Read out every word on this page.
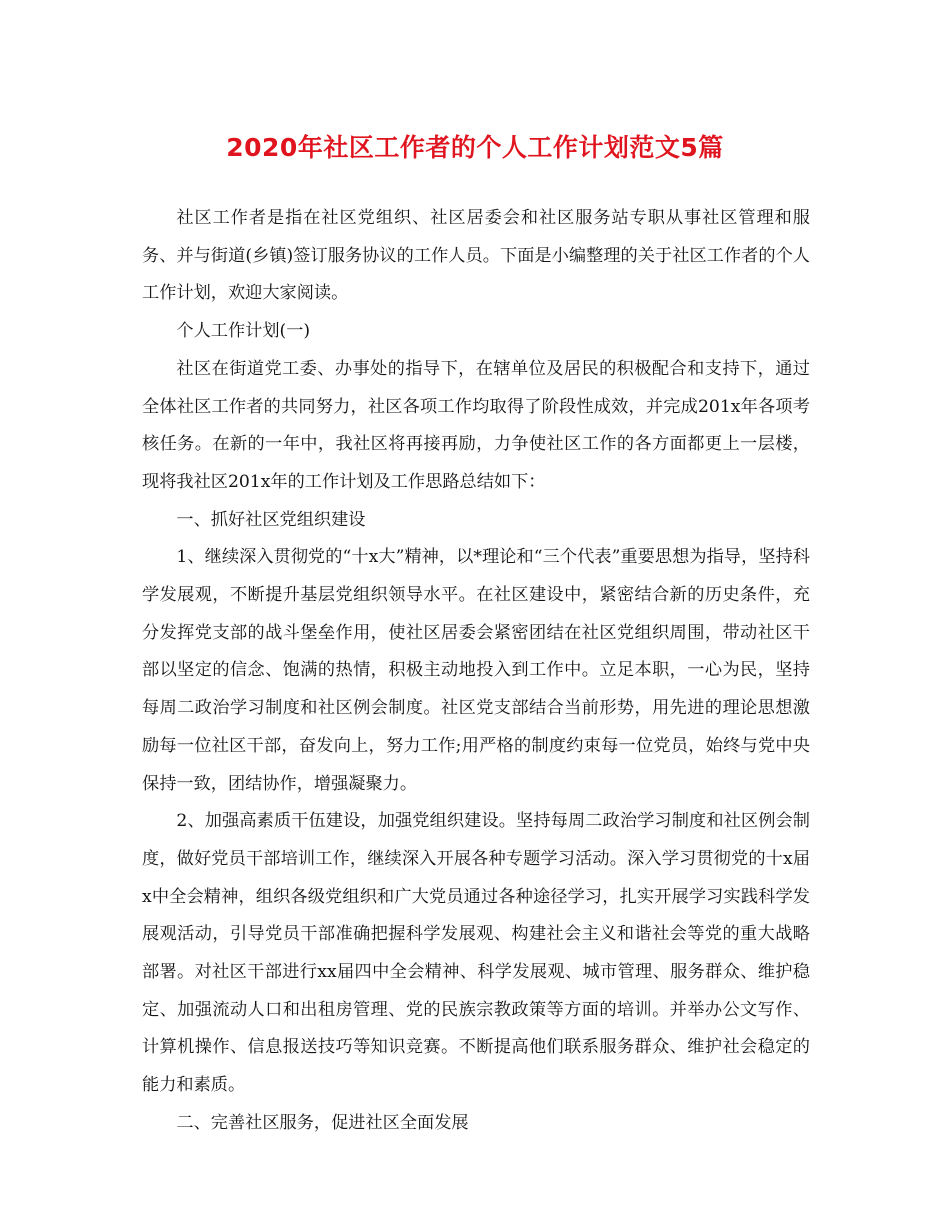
2020年社区工作者的个人工作计划范文5篇

社区工作者是指在社区党组织、社区居委会和社区服务站专职从事社区管理和服务、并与街道(乡镇)签订服务协议的工作人员。下面是小编整理的关于社区工作者的个人工作计划，欢迎大家阅读。

个人工作计划(一)

社区在街道党工委、办事处的指导下，在辖单位及居民的积极配合和支持下，通过全体社区工作者的共同努力，社区各项工作均取得了阶段性成效，并完成201x年各项考核任务。在新的一年中，我社区将再接再励，力争使社区工作的各方面都更上一层楼，现将我社区201x年的工作计划及工作思路总结如下：

一、抓好社区党组织建设

1、继续深入贯彻党的“十x大”精神，以*理论和“三个代表”重要思想为指导，坚持科学发展观，不断提升基层党组织领导水平。在社区建设中，紧密结合新的历史条件，充分发挥党支部的战斗堡垒作用，使社区居委会紧密团结在社区党组织周围，带动社区干部以坚定的信念、饱满的热情，积极主动地投入到工作中。立足本职，一心为民，坚持每周二政治学习制度和社区例会制度。社区党支部结合当前形势，用先进的理论思想激励每一位社区干部，奋发向上，努力工作;用严格的制度约束每一位党员，始终与党中央保持一致，团结协作，增强凝聚力。

2、加强高素质干伍建设，加强党组织建设。坚持每周二政治学习制度和社区例会制度，做好党员干部培训工作，继续深入开展各种专题学习活动。深入学习贯彻党的十x届x中全会精神，组织各级党组织和广大党员通过各种途径学习，扎实开展学习实践科学发展观活动，引导党员干部准确把握科学发展观、构建社会主义和谐社会等党的重大战略部署。对社区干部进行xx届四中全会精神、科学发展观、城市管理、服务群众、维护稳定、加强流动人口和出租房管理、党的民族宗教政策等方面的培训。并举办公文写作、计算机操作、信息报送技巧等知识竞赛。不断提高他们联系服务群众、维护社会稳定的能力和素质。

二、完善社区服务，促进社区全面发展
